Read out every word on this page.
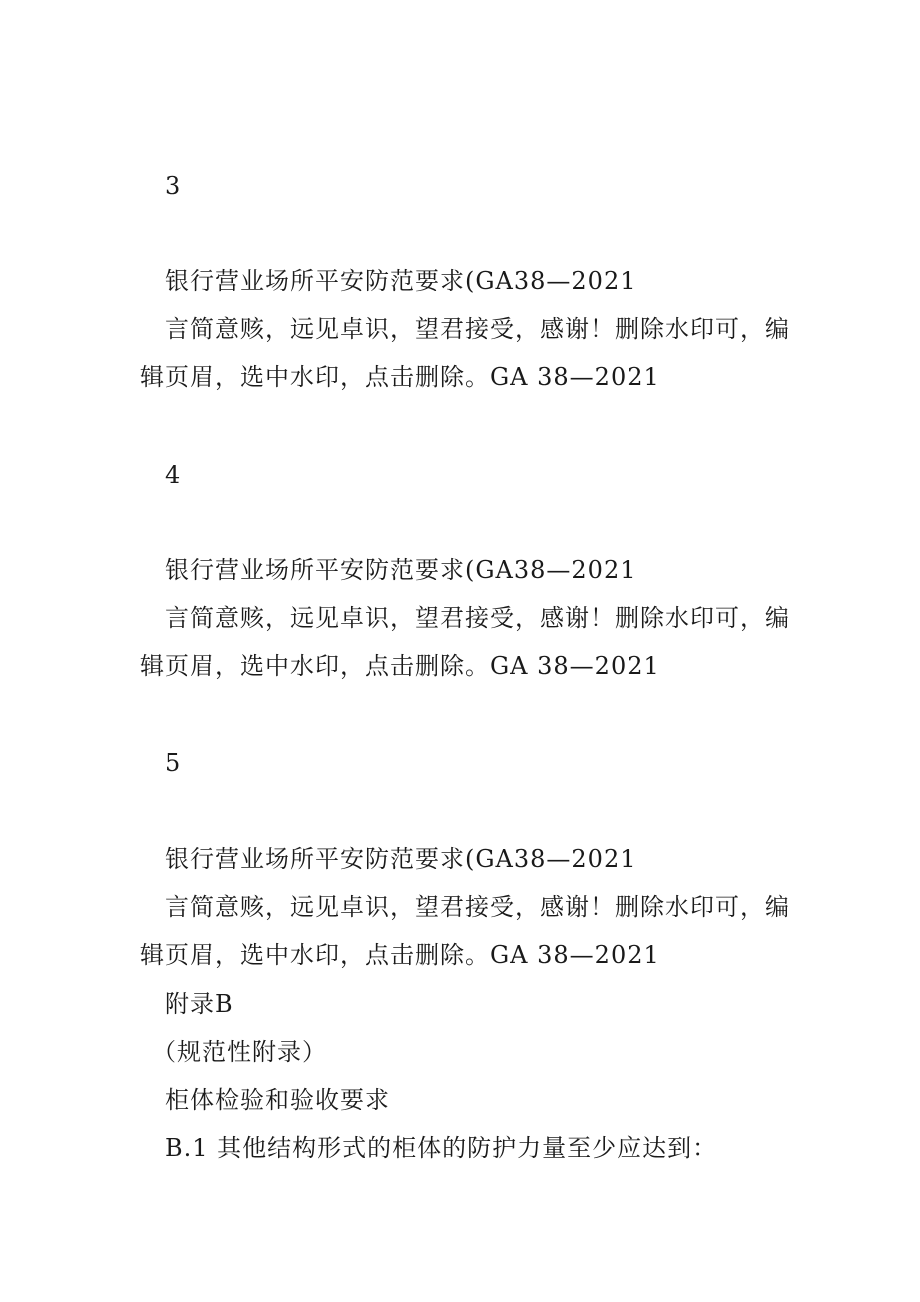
3
银行营业场所平安防范要求(GA38—2021
言简意赅，远见卓识，望君接受，感谢！删除水印可，编
辑页眉，选中水印，点击删除。GA 38—2021
4
银行营业场所平安防范要求(GA38—2021
言简意赅，远见卓识，望君接受，感谢！删除水印可，编
辑页眉，选中水印，点击删除。GA 38—2021
5
银行营业场所平安防范要求(GA38—2021
言简意赅，远见卓识，望君接受，感谢！删除水印可，编
辑页眉，选中水印，点击删除。GA 38—2021
附录B
（规范性附录）
柜体检验和验收要求
B.1 其他结构形式的柜体的防护力量至少应达到：
